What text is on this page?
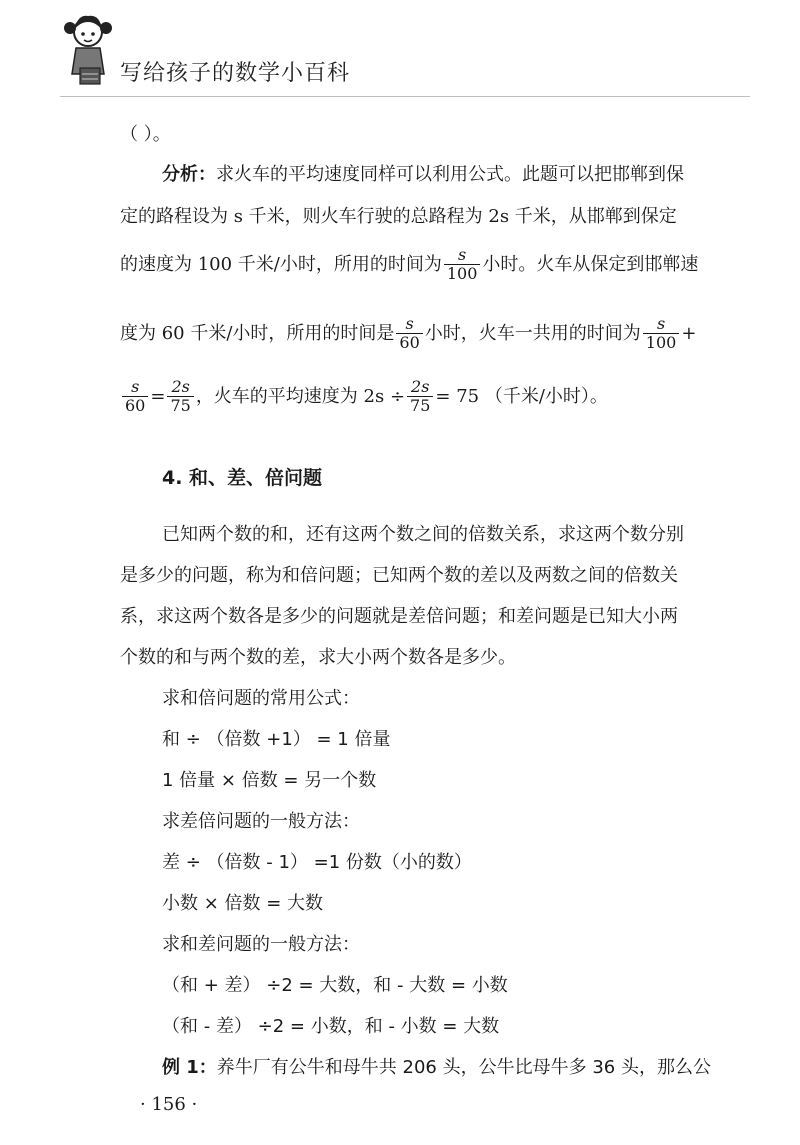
写给孩子的数学小百科
（ ）。
分析：求火车的平均速度同样可以利用公式。此题可以把邯郸到保
定的路程设为 s 千米，则火车行驶的总路程为 2s 千米，从邯郸到保定
的速度为 100 千米/小时，所用的时间为 $\frac{s}{100}$ 小时。火车从保定到邯郸速
度为 60 千米/小时，所用的时间是 $\frac{s}{60}$ 小时，火车一共用的时间为 $\frac{s}{100}$ +
$\frac{s}{60} = \frac{2s}{75}$ ，火车的平均速度为 $2s \div \frac{2s}{75} = 75$ （千米/小时）。
4. 和、差、倍问题
已知两个数的和，还有这两个数之间的倍数关系，求这两个数分别
是多少的问题，称为和倍问题；已知两个数的差以及两数之间的倍数关
系，求这两个数各是多少的问题就是差倍问题；和差问题是已知大小两
个数的和与两个数的差，求大小两个数各是多少。
求和倍问题的常用公式：
和 ÷ （倍数 +1） = 1 倍量
1 倍量 × 倍数 = 另一个数
求差倍问题的一般方法：
差 ÷ （倍数 - 1） =1 份数（小的数）
小数 × 倍数 = 大数
求和差问题的一般方法：
（和 + 差） ÷2 = 大数，和 - 大数 = 小数
（和 - 差） ÷2 = 小数，和 - 小数 = 大数
例 1：养牛厂有公牛和母牛共 206 头，公牛比母牛多 36 头，那么公
· 156 ·
